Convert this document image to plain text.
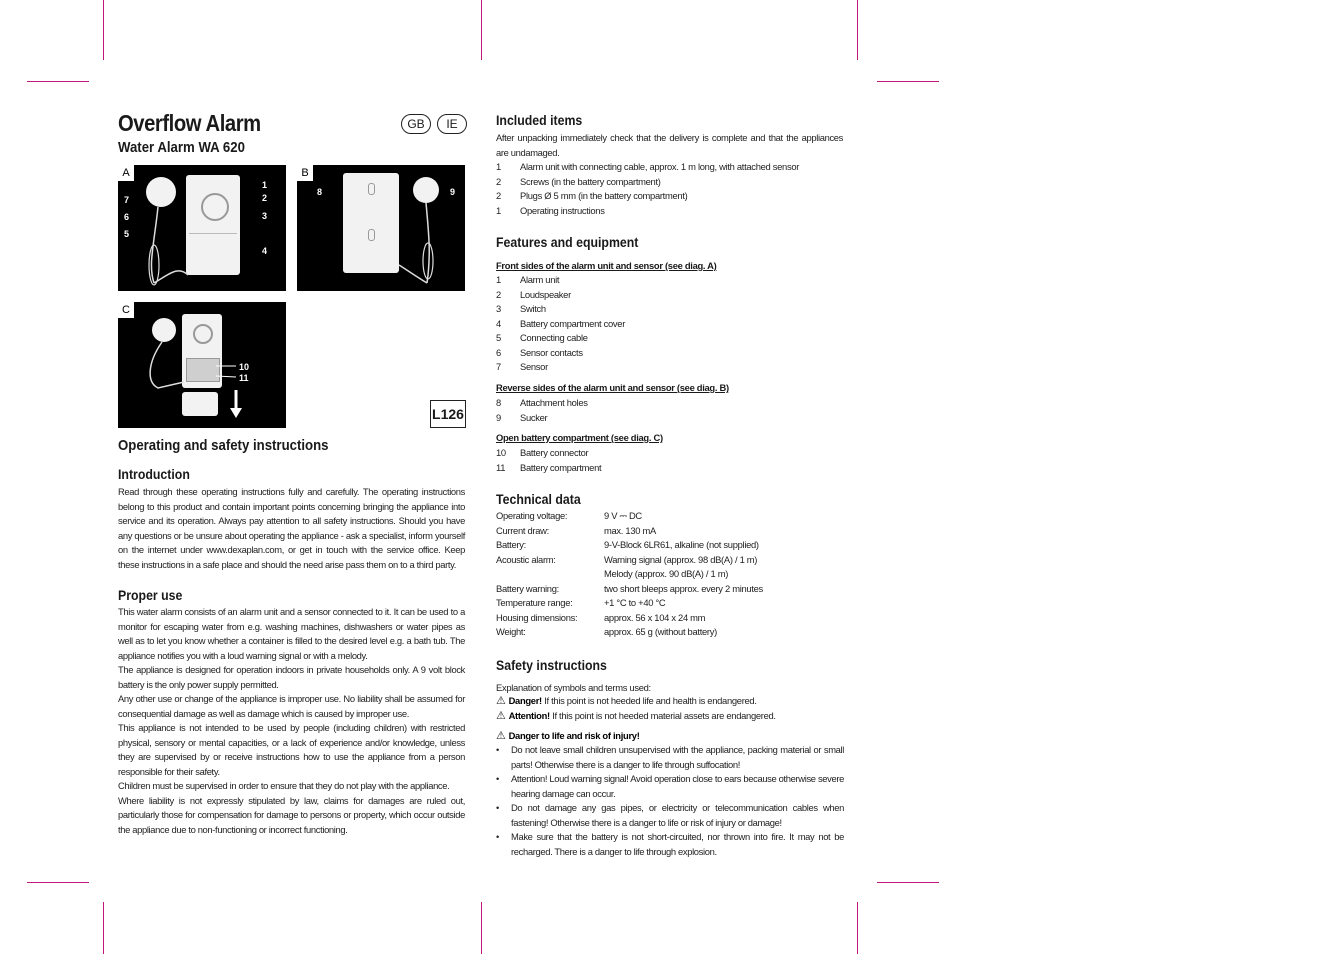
Overflow Alarm
Water Alarm WA 620
GB	IE
A
1
2
3
4
5
6
7
B
8	9
C
10
11
L126
Operating and safety instructions
Introduction
Read through these operating instructions fully and carefully. The operating instructions belong to this product and contain important points concerning bringing the appliance into service and its operation. Always pay attention to all safety instructions. Should you have any questions or be unsure about operating the appliance - ask a specialist, inform yourself on the internet under www.dexaplan.com, or get in touch with the service office. Keep these instructions in a safe place and should the need arise pass them on to a third party.
Proper use
This water alarm consists of an alarm unit and a sensor connected to it. It can be used to a monitor for escaping water from e.g. washing machines, dishwashers or water pipes as well as to let you know whether a container is filled to the desired level e.g. a bath tub. The appliance notifies you with a loud warning signal or with a melody.
The appliance is designed for operation indoors in private households only. A 9 volt block battery is the only power supply permitted.
Any other use or change of the appliance is improper use. No liability shall be assumed for consequential damage as well as damage which is caused by improper use.
This appliance is not intended to be used by people (including children) with restricted physical, sensory or mental capacities, or a lack of experience and/or knowledge, unless they are supervised by or receive instructions how to use the appliance from a person responsible for their safety.
Children must be supervised in order to ensure that they do not play with the appliance.
Where liability is not expressly stipulated by law, claims for damages are ruled out, particularly those for compensation for damage to persons or property, which occur outside the appliance due to non-functioning or incorrect functioning.
Included items
After unpacking immediately check that the delivery is complete and that the appliances are undamaged.
1 Alarm unit with connecting cable, approx. 1 m long, with attached sensor
2 Screws (in the battery compartment)
2 Plugs Ø 5 mm (in the battery compartment)
1 Operating instructions
Features and equipment
Front sides of the alarm unit and sensor (see diag. A)
1 Alarm unit
2 Loudspeaker
3 Switch
4 Battery compartment cover
5 Connecting cable
6 Sensor contacts
7 Sensor
Reverse sides of the alarm unit and sensor (see diag. B)
8 Attachment holes
9 Sucker
Open battery compartment (see diag. C)
10 Battery connector
11 Battery compartment
Technical data
Operating voltage:	9 V ⎓ DC
Current draw:	max. 130 mA
Battery:	9-V-Block 6LR61, alkaline (not supplied)
Acoustic alarm:	Warning signal (approx. 98 dB(A) / 1 m)
	Melody (approx. 90 dB(A) / 1 m)
Battery warning:	two short bleeps approx. every 2 minutes
Temperature range:	+1 °C to +40 °C
Housing dimensions:	approx. 56 x 104 x 24 mm
Weight:	approx. 65 g (without battery)
Safety instructions
Explanation of symbols and terms used:
⚠ Danger! If this point is not heeded life and health is endangered.
⚠ Attention! If this point is not heeded material assets are endangered.
⚠ Danger to life and risk of injury!
• Do not leave small children unsupervised with the appliance, packing material or small parts! Otherwise there is a danger to life through suffocation!
• Attention! Loud warning signal! Avoid operation close to ears because otherwise severe hearing damage can occur.
• Do not damage any gas pipes, or electricity or telecommunication cables when fastening! Otherwise there is a danger to life or risk of injury or damage!
• Make sure that the battery is not short-circuited, nor thrown into fire. It may not be recharged. There is a danger to life through explosion.
